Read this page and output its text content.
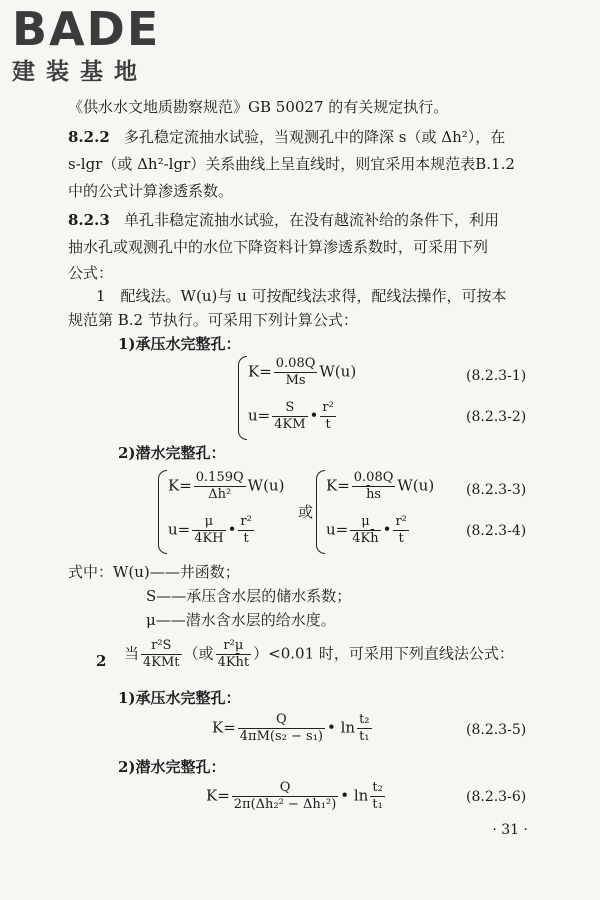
BADE
建装基地
《供水水文地质勘察规范》GB 50027 的有关规定执行。
8.2.2 多孔稳定流抽水试验，当观测孔中的降深 s（或 Δh²），在
s-lgr（或 Δh²-lgr）关系曲线上呈直线时，则宜采用本规范表B.1.2
中的公式计算渗透系数。
8.2.3 单孔非稳定流抽水试验，在没有越流补给的条件下，利用
抽水孔或观测孔中的水位下降资料计算渗透系数时，可采用下列
公式：
1　配线法。W(u)与 u 可按配线法求得，配线法操作，可按本
规范第 B.2 节执行。可采用下列计算公式：
1)承压水完整孔：
$K= \frac{0.08Q}{Ms} W(u)$	(8.2.3-1)
$u= \frac{S}{4KM}$ • $\frac{\text{r²}}{t}$	(8.2.3-2)
2)潜水完整孔：
$K= \frac{0.159Q}{\text{Δh²}} W(u)$
$u= \frac{\mu}{4KH}$ • $\frac{\text{r²}}{t}$
或
$K= \frac{0.08Q}{h̄s} W(u)$
$u= \frac{\mu}{4Kh̄}$ • $\frac{\text{r²}}{t}$
(8.2.3-3)
(8.2.3-4)
式中：W(u)——井函数；
S——承压含水层的储水系数；
μ——潜水含水层的给水度。
2 当 $\frac{\text{r²S}}{\text{4KMt}}$ （或 $\frac{\text{r²μ}}{4Kh̄t} )<0.01$ 时，可采用下列直线法公式：
1)承压水完整孔：
$K= \frac{Q}{\text{4πM(s₂ − s₁)}}$ • $\ln \frac{\text{t₂}}{\text{t₁}}$	(8.2.3-5)
2)潜水完整孔：
$K= \frac{Q}{\text{2π(Δh₂² − Δh₁²)}}$ • $\ln \frac{\text{t₂}}{\text{t₁}}$	(8.2.3-6)
· 31 ·
